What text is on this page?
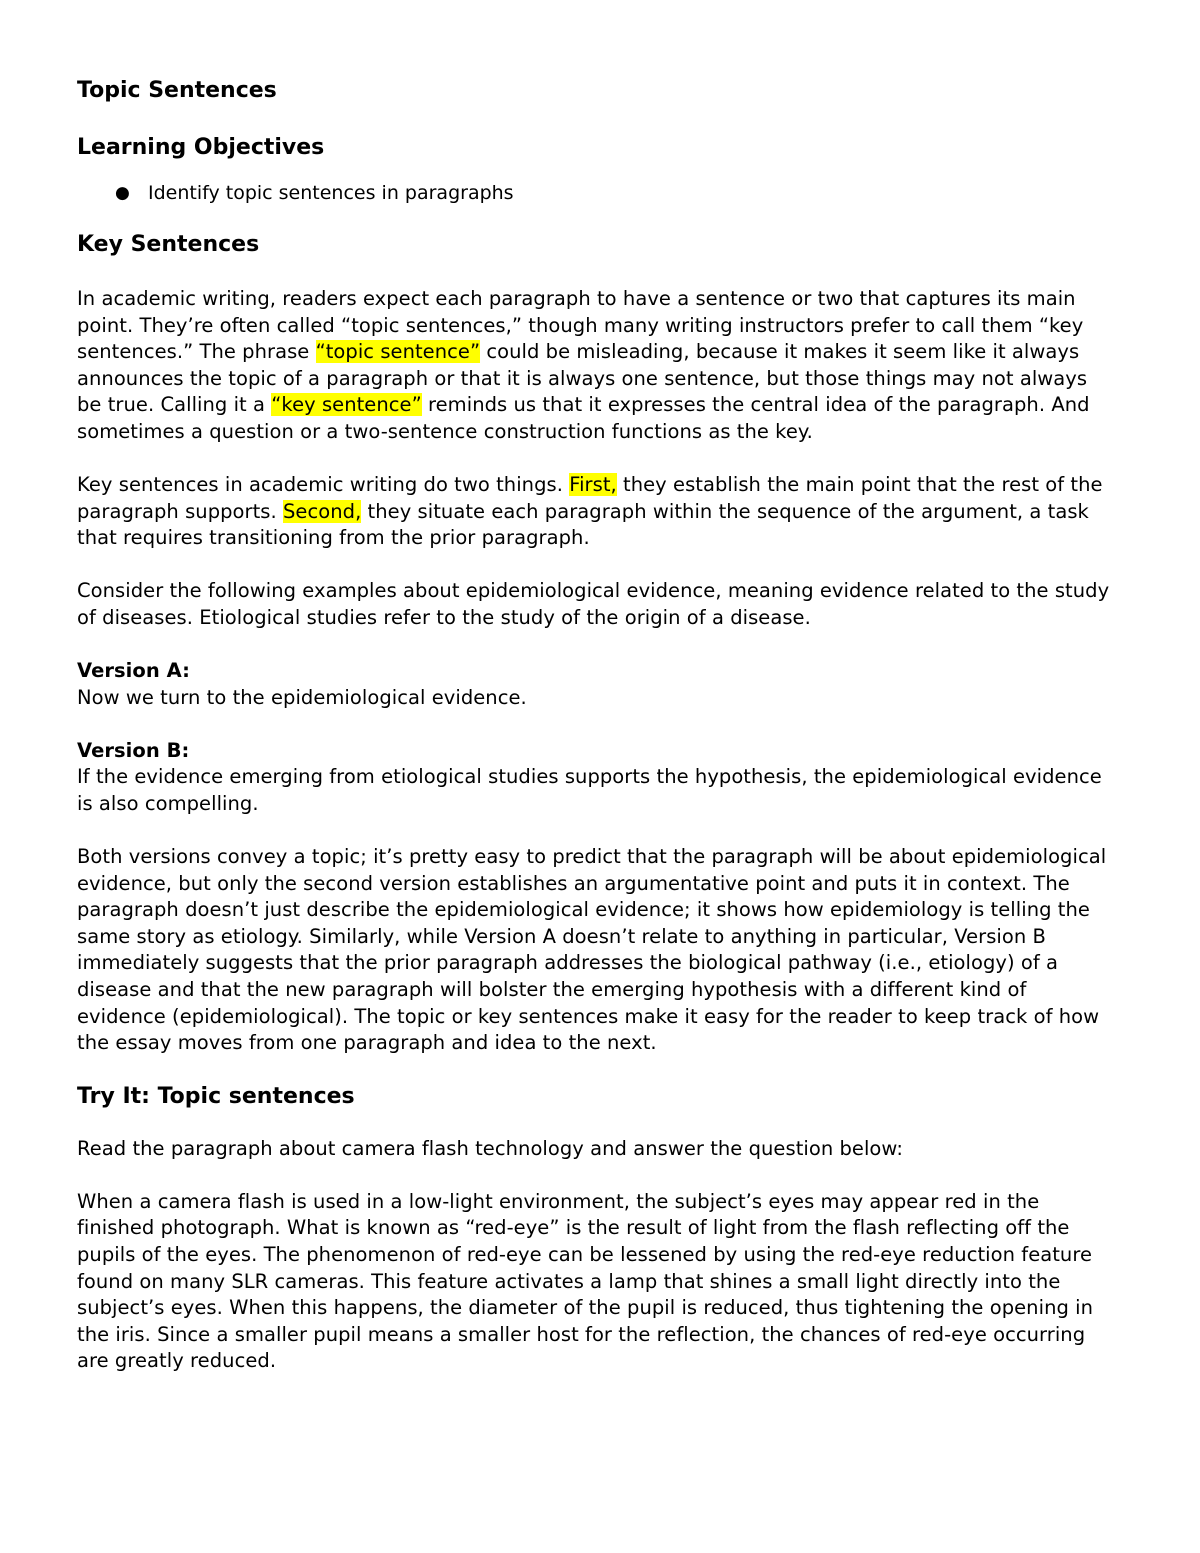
Topic Sentences
Learning Objectives
● Identify topic sentences in paragraphs
Key Sentences

In academic writing, readers expect each paragraph to have a sentence or two that captures its main point. They’re often called “topic sentences,” though many writing instructors prefer to call them “key sentences.” The phrase “topic sentence” could be misleading, because it makes it seem like it always announces the topic of a paragraph or that it is always one sentence, but those things may not always be true. Calling it a “key sentence” reminds us that it expresses the central idea of the paragraph. And sometimes a question or a two-sentence construction functions as the key.

Key sentences in academic writing do two things. First, they establish the main point that the rest of the paragraph supports. Second, they situate each paragraph within the sequence of the argument, a task that requires transitioning from the prior paragraph.

Consider the following examples about epidemiological evidence, meaning evidence related to the study of diseases. Etiological studies refer to the study of the origin of a disease.

Version A:
Now we turn to the epidemiological evidence.

Version B:
If the evidence emerging from etiological studies supports the hypothesis, the epidemiological evidence is also compelling.

Both versions convey a topic; it’s pretty easy to predict that the paragraph will be about epidemiological evidence, but only the second version establishes an argumentative point and puts it in context. The paragraph doesn’t just describe the epidemiological evidence; it shows how epidemiology is telling the same story as etiology. Similarly, while Version A doesn’t relate to anything in particular, Version B immediately suggests that the prior paragraph addresses the biological pathway (i.e., etiology) of a disease and that the new paragraph will bolster the emerging hypothesis with a different kind of evidence (epidemiological). The topic or key sentences make it easy for the reader to keep track of how the essay moves from one paragraph and idea to the next.

Try It: Topic sentences

Read the paragraph about camera flash technology and answer the question below:

When a camera flash is used in a low-light environment, the subject’s eyes may appear red in the finished photograph. What is known as “red-eye” is the result of light from the flash reflecting off the pupils of the eyes. The phenomenon of red-eye can be lessened by using the red-eye reduction feature found on many SLR cameras. This feature activates a lamp that shines a small light directly into the subject’s eyes. When this happens, the diameter of the pupil is reduced, thus tightening the opening in the iris. Since a smaller pupil means a smaller host for the reflection, the chances of red-eye occurring are greatly reduced.
